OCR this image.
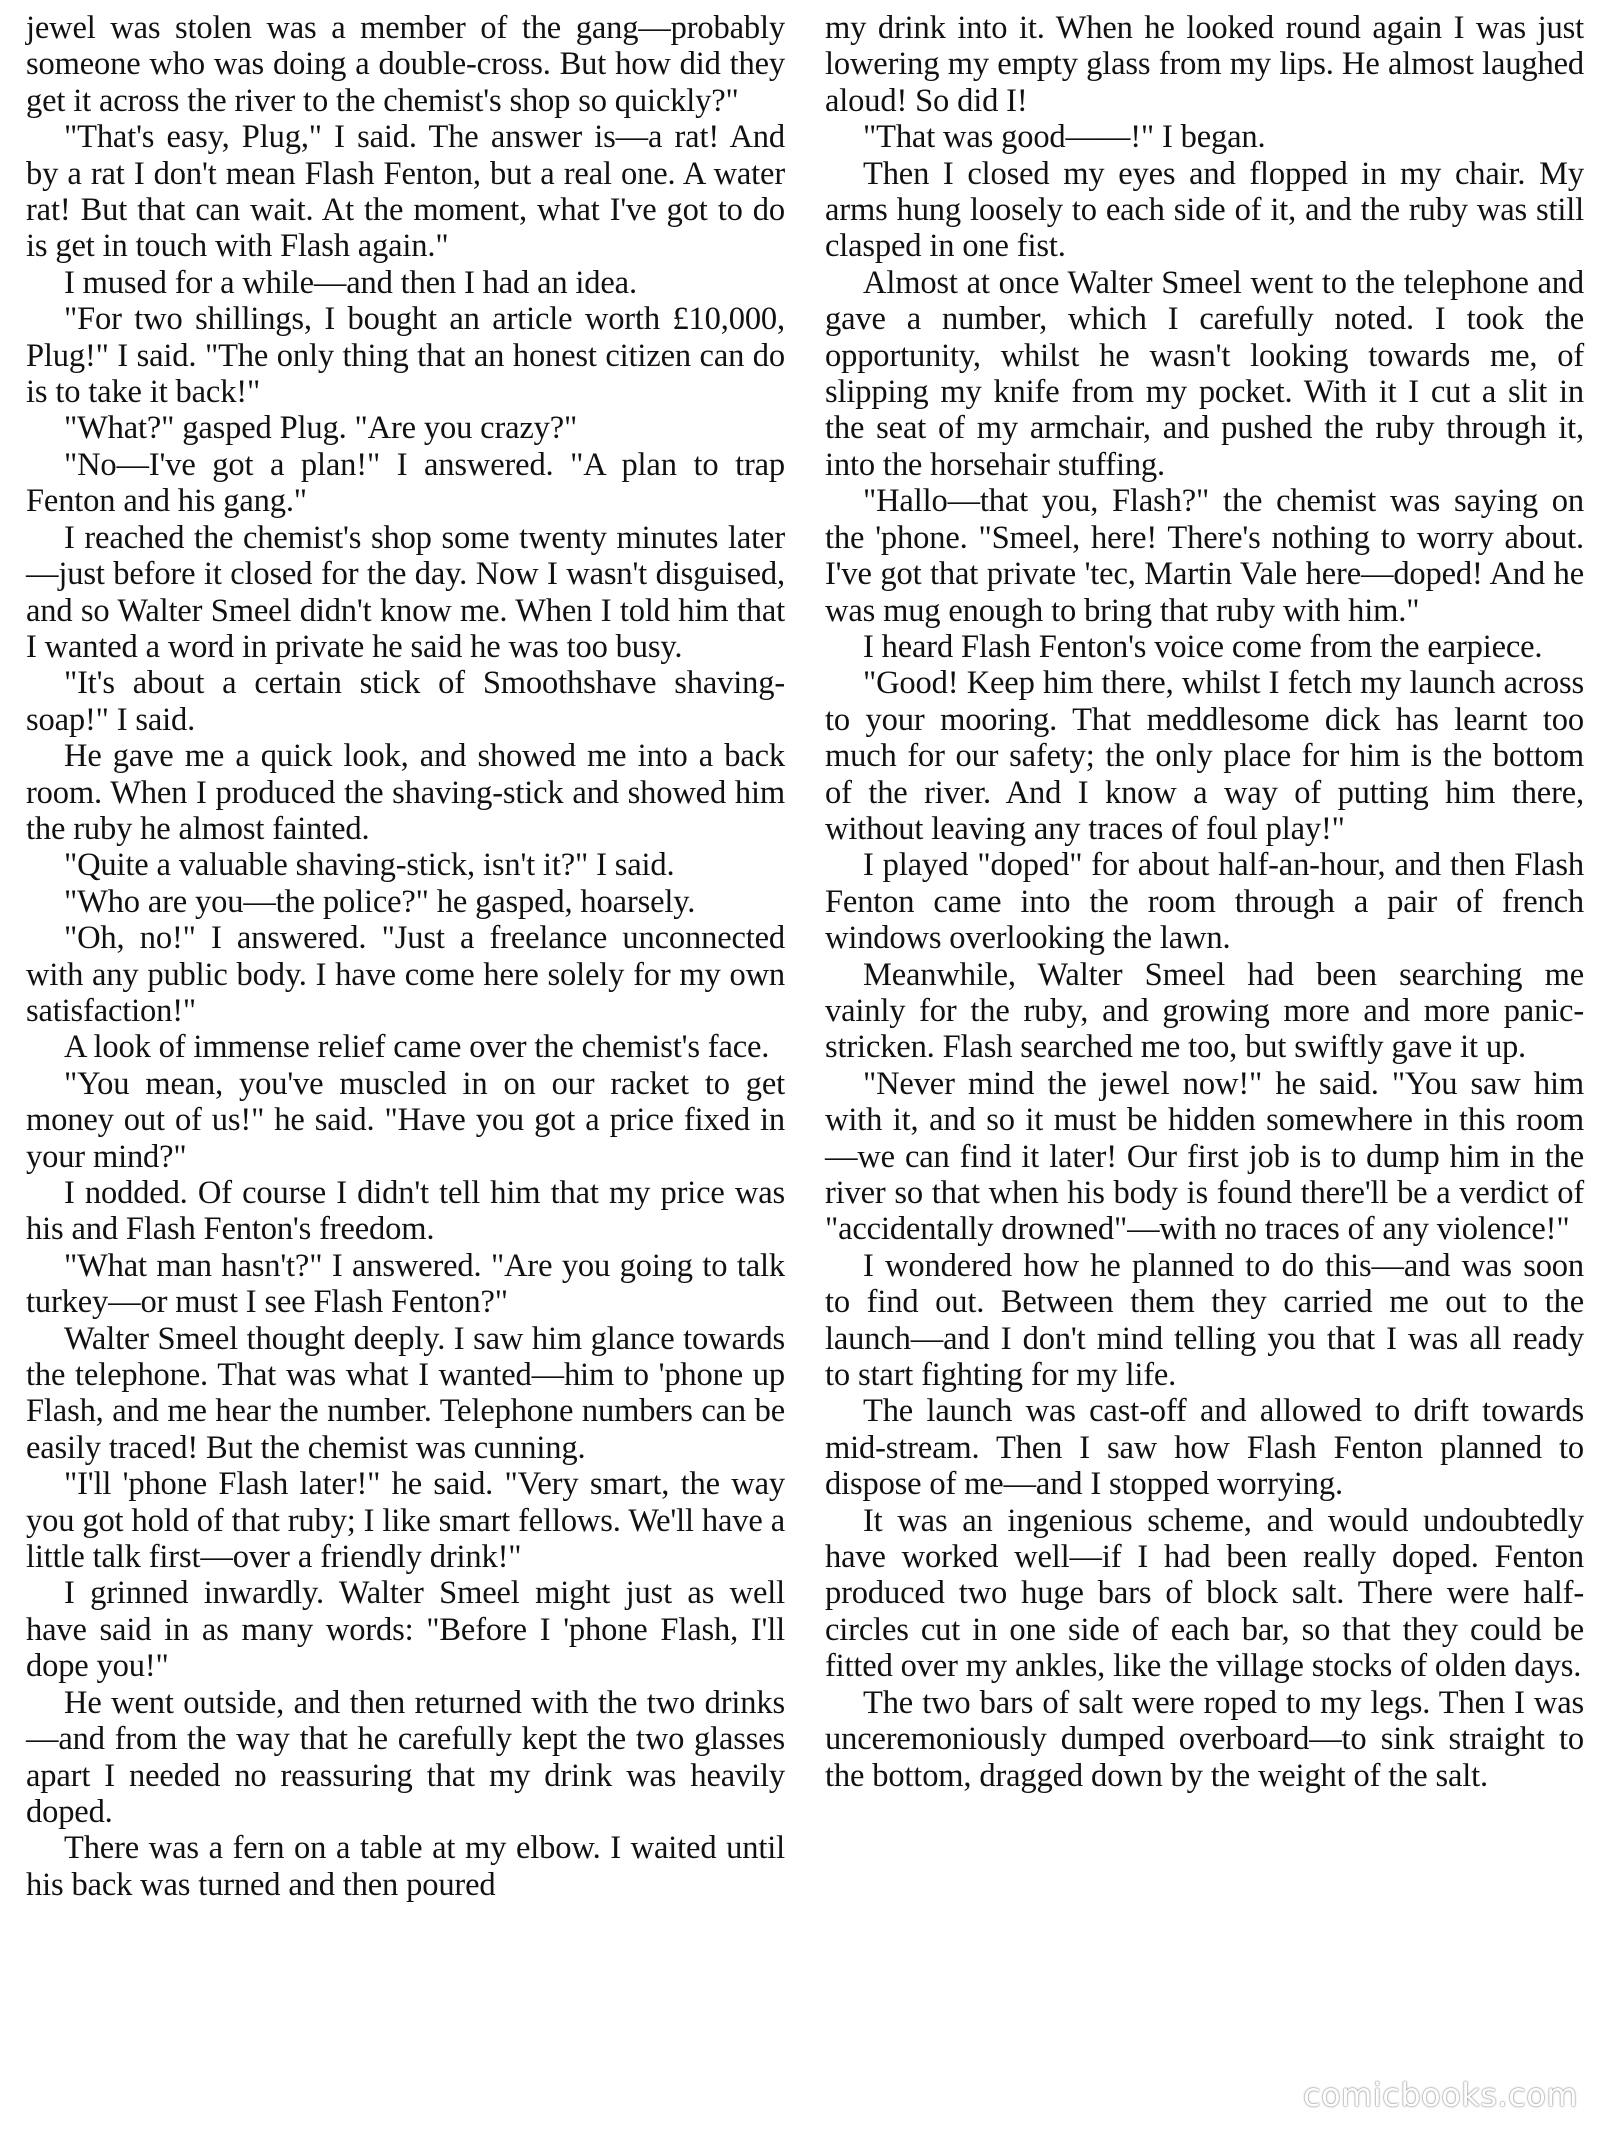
jewel was stolen was a member of the gang—probably someone who was doing a double-cross. But how did they get it across the river to the chemist's shop so quickly?"

"That's easy, Plug," I said. The answer is—a rat! And by a rat I don't mean Flash Fenton, but a real one. A water rat! But that can wait. At the moment, what I've got to do is get in touch with Flash again."

I mused for a while—and then I had an idea.

"For two shillings, I bought an article worth £10,000, Plug!" I said. "The only thing that an honest citizen can do is to take it back!"

"What?" gasped Plug. "Are you crazy?"

"No—I've got a plan!" I answered. "A plan to trap Fenton and his gang."

I reached the chemist's shop some twenty minutes later—just before it closed for the day. Now I wasn't disguised, and so Walter Smeel didn't know me. When I told him that I wanted a word in private he said he was too busy.

"It's about a certain stick of Smoothshave shaving-soap!" I said.

He gave me a quick look, and showed me into a back room. When I produced the shaving-stick and showed him the ruby he almost fainted.

"Quite a valuable shaving-stick, isn't it?" I said.

"Who are you—the police?" he gasped, hoarsely.

"Oh, no!" I answered. "Just a freelance unconnected with any public body. I have come here solely for my own satisfaction!"

A look of immense relief came over the chemist's face.

"You mean, you've muscled in on our racket to get money out of us!" he said. "Have you got a price fixed in your mind?"

I nodded. Of course I didn't tell him that my price was his and Flash Fenton's freedom.

"What man hasn't?" I answered. "Are you going to talk turkey—or must I see Flash Fenton?"

Walter Smeel thought deeply. I saw him glance towards the telephone. That was what I wanted—him to 'phone up Flash, and me hear the number. Telephone numbers can be easily traced! But the chemist was cunning.

"I'll 'phone Flash later!" he said. "Very smart, the way you got hold of that ruby; I like smart fellows. We'll have a little talk first—over a friendly drink!"

I grinned inwardly. Walter Smeel might just as well have said in as many words: "Before I 'phone Flash, I'll dope you!"

He went outside, and then returned with the two drinks—and from the way that he carefully kept the two glasses apart I needed no reassuring that my drink was heavily doped.

There was a fern on a table at my elbow. I waited until his back was turned and then poured

my drink into it. When he looked round again I was just lowering my empty glass from my lips. He almost laughed aloud! So did I!

"That was good——!" I began.

Then I closed my eyes and flopped in my chair. My arms hung loosely to each side of it, and the ruby was still clasped in one fist.

Almost at once Walter Smeel went to the telephone and gave a number, which I carefully noted. I took the opportunity, whilst he wasn't looking towards me, of slipping my knife from my pocket. With it I cut a slit in the seat of my armchair, and pushed the ruby through it, into the horsehair stuffing.

"Hallo—that you, Flash?" the chemist was saying on the 'phone. "Smeel, here! There's nothing to worry about. I've got that private 'tec, Martin Vale here—doped! And he was mug enough to bring that ruby with him."

I heard Flash Fenton's voice come from the earpiece.

"Good! Keep him there, whilst I fetch my launch across to your mooring. That meddlesome dick has learnt too much for our safety; the only place for him is the bottom of the river. And I know a way of putting him there, without leaving any traces of foul play!"

I played "doped" for about half-an-hour, and then Flash Fenton came into the room through a pair of french windows overlooking the lawn.

Meanwhile, Walter Smeel had been searching me vainly for the ruby, and growing more and more panic-stricken. Flash searched me too, but swiftly gave it up.

"Never mind the jewel now!" he said. "You saw him with it, and so it must be hidden somewhere in this room—we can find it later! Our first job is to dump him in the river so that when his body is found there'll be a verdict of "accidentally drowned"—with no traces of any violence!"

I wondered how he planned to do this—and was soon to find out. Between them they carried me out to the launch—and I don't mind telling you that I was all ready to start fighting for my life.

The launch was cast-off and allowed to drift towards mid-stream. Then I saw how Flash Fenton planned to dispose of me—and I stopped worrying.

It was an ingenious scheme, and would undoubtedly have worked well—if I had been really doped. Fenton produced two huge bars of block salt. There were half-circles cut in one side of each bar, so that they could be fitted over my ankles, like the village stocks of olden days.

The two bars of salt were roped to my legs. Then I was unceremoniously dumped overboard—to sink straight to the bottom, dragged down by the weight of the salt.

comicbooks.com
